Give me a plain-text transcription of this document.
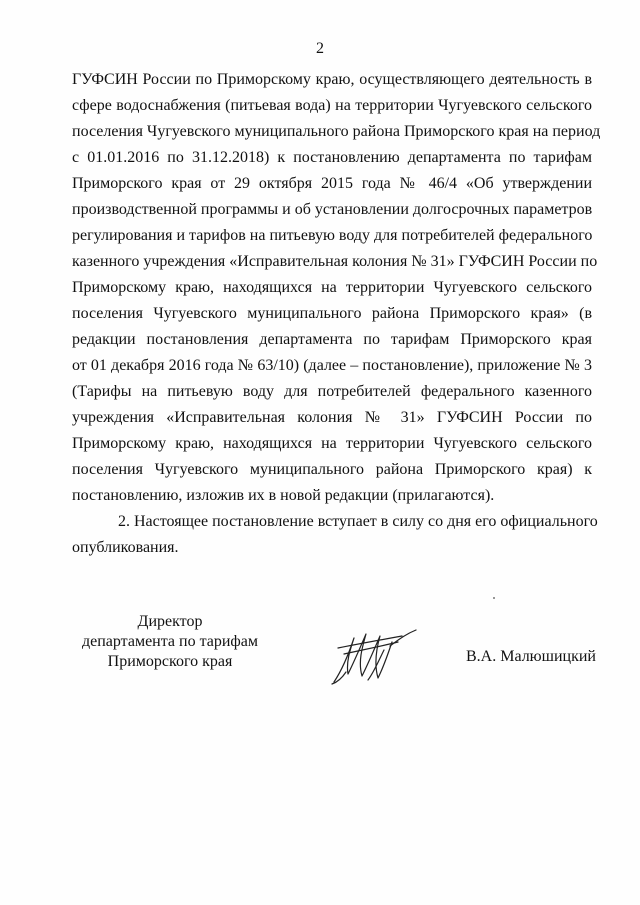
2
ГУФСИН России по Приморскому краю, осуществляющего деятельность в
сфере водоснабжения (питьевая вода) на территории Чугуевского сельского
поселения Чугуевского муниципального района Приморского края на период
с 01.01.2016 по 31.12.2018) к постановлению департамента по тарифам
Приморского края от 29 октября 2015 года № 46/4 «Об утверждении
производственной программы и об установлении долгосрочных параметров
регулирования и тарифов на питьевую воду для потребителей федерального
казенного учреждения «Исправительная колония № 31» ГУФСИН России по
Приморскому краю, находящихся на территории Чугуевского сельского
поселения Чугуевского муниципального района Приморского края» (в
редакции постановления департамента по тарифам Приморского края
от 01 декабря 2016 года № 63/10) (далее – постановление), приложение № 3
(Тарифы на питьевую воду для потребителей федерального казенного
учреждения «Исправительная колония № 31» ГУФСИН России по
Приморскому краю, находящихся на территории Чугуевского сельского
поселения Чугуевского муниципального района Приморского края) к
постановлению, изложив их в новой редакции (прилагаются).
2. Настоящее постановление вступает в силу со дня его официального
опубликования.
Директор
департамента по тарифам
Приморского края	В.А. Малюшицкий
